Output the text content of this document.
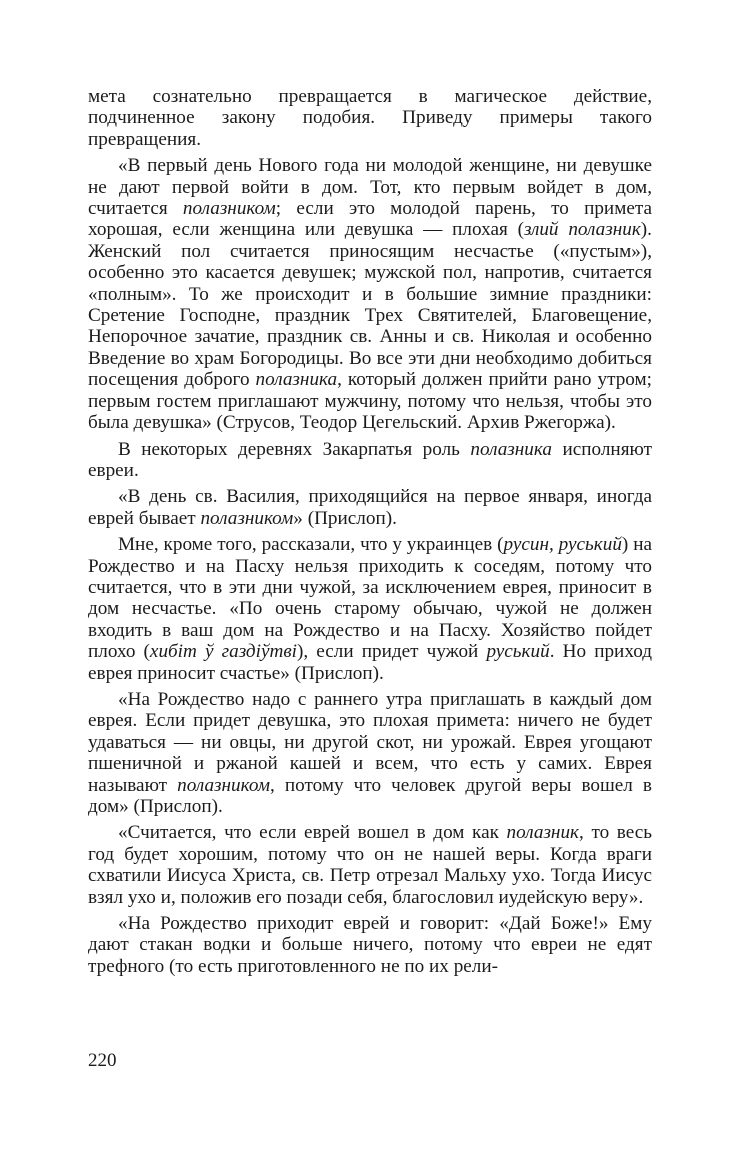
мета сознательно превращается в магическое действие, подчиненное закону подобия. Приведу примеры такого превращения.

«В первый день Нового года ни молодой женщине, ни девушке не дают первой войти в дом. Тот, кто первым войдет в дом, считается полазником; если это молодой парень, то примета хорошая, если женщина или девушка — плохая (злий полазник). Женский пол считается приносящим несчастье («пустым»), особенно это касается девушек; мужской пол, напротив, считается «полным». То же происходит и в большие зимние праздники: Сретение Господне, праздник Трех Святителей, Благовещение, Непорочное зачатие, праздник св. Анны и св. Николая и особенно Введение во храм Богородицы. Во все эти дни необходимо добиться посещения доброго полазника, который должен прийти рано утром; первым гостем приглашают мужчину, потому что нельзя, чтобы это была девушка» (Струсов, Теодор Цегельский. Архив Ржегоржа).

В некоторых деревнях Закарпатья роль полазника исполняют евреи.

«В день св. Василия, приходящийся на первое января, иногда еврей бывает полазником» (Прислоп).

Мне, кроме того, рассказали, что у украинцев (русин, руський) на Рождество и на Пасху нельзя приходить к соседям, потому что считается, что в эти дни чужой, за исключением еврея, приносит в дом несчастье. «По очень старому обычаю, чужой не должен входить в ваш дом на Рождество и на Пасху. Хозяйство пойдет плохо (хибіт ў газдіўтві), если придет чужой руський. Но приход еврея приносит счастье» (Прислоп).

«На Рождество надо с раннего утра приглашать в каждый дом еврея. Если придет девушка, это плохая примета: ничего не будет удаваться — ни овцы, ни другой скот, ни урожай. Еврея угощают пшеничной и ржаной кашей и всем, что есть у самих. Еврея называют полазником, потому что человек другой веры вошел в дом» (Прислоп).

«Считается, что если еврей вошел в дом как полазник, то весь год будет хорошим, потому что он не нашей веры. Когда враги схватили Иисуса Христа, св. Петр отрезал Мальху ухо. Тогда Иисус взял ухо и, положив его позади себя, благословил иудейскую веру».

«На Рождество приходит еврей и говорит: «Дай Боже!» Ему дают стакан водки и больше ничего, потому что евреи не едят трефного (то есть приготовленного не по их рели-

220
